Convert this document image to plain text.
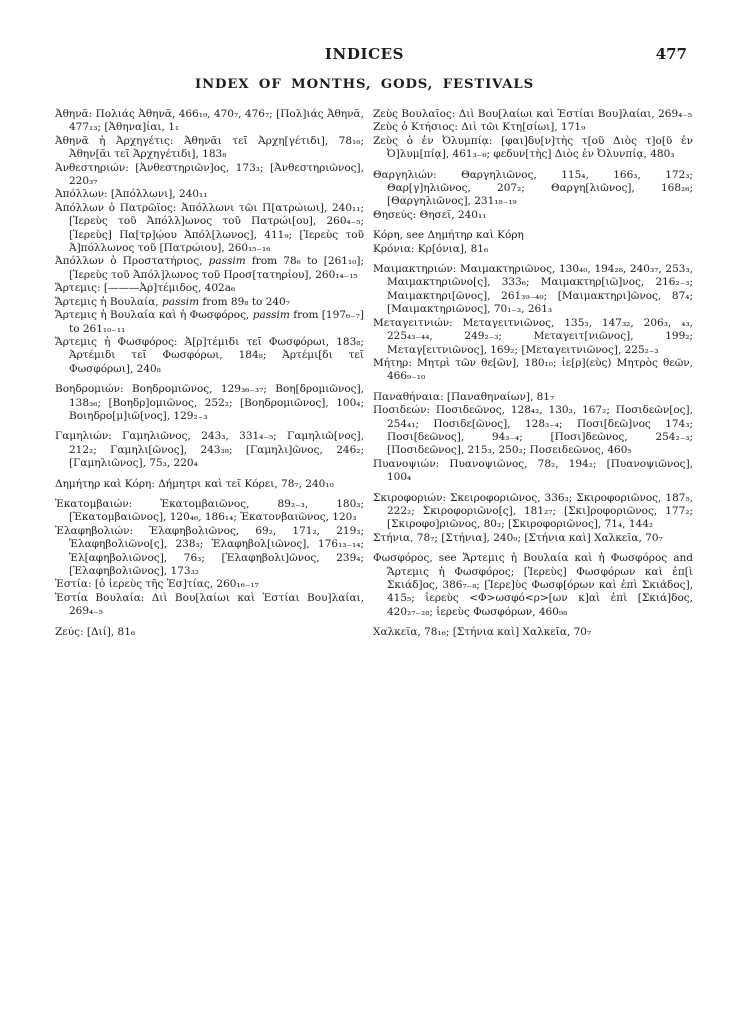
INDICES	477
INDEX OF MONTHS, GODS, FESTIVALS

Ἀθηνᾶ: Πολιάς Ἀθηνᾶ, 466₁₉, 470₇, 476₇; [Πολ]ιάς Ἀθηνᾶ, 477₁₃; [Ἀθηνα]ίαι, 1₁

Ἀθηνᾶ ἡ Ἀρχηγέτις: Ἀθηνᾶι τεῖ Ἀρχη[γέτιδι], 78₁₆; Ἀθην[ᾶι τεῖ Ἀρχηγέτιδι], 183₈

Ἀνθεστηριών: [Ἀνθεστηριῶν]ος, 173₃; [Ἀνθεστηριῶνος], 220₃₇

Ἀπόλλων: [Ἀπόλλωνι], 240₁₁

Ἀπόλλων ὁ Πατρῶϊος: Ἀπόλλωνι τῶι Π[ατρώιωι], 240₁₁; [Ἱερεὺς τοῦ Ἀπόλλ]ωνος τοῦ Πατρώι[ου], 260₄₋₅; [Ἱερεὺς] Πα[τρ]ῴου Ἀπόλ[λωνος], 411₉; [Ἱερεὺς τοῦ Ἀ]πόλλωνος τοῦ [Πατρώιου], 260₁₅₋₁₆

Ἀπόλλων ὁ Προστατήριος, passim from 78₆ to [261₁₀]; [Ἱερεὺς τοῦ Ἀπόλ]λωνος τοῦ Προσ[τατηρίου], 260₁₄₋₁₅

Ἄρτεμις: [———Ἀρ]τέμιδος, 402a₆

Ἄρτεμις ἡ Βουλαία, passim from 89₈ to 240₇

Ἄρτεμις ἡ Βουλαία καὶ ἡ Φωσφόρος, passim from [197₆₋₇] to 261₁₀₋₁₁

Ἄρτεμις ἡ Φωσφόρος: Ἀ[ρ]τέμιδι τεῖ Φωσφόρωι, 183₈; Ἀρτέμιδι τεῖ Φωσφόρωι, 184₈; Ἀρτέμι[δι τεῖ Φωσφόρωι], 240₈

Βοηδρομιών: Βοηδρομιῶνος, 129₃₆₋₃₇; Βοη[δρομιῶνος], 138₃₆; [Βοηδρ]ομιῶνος, 252₂; [Βοηδρομιῶνος], 100₄; Βοιηδρο[μ]ιῶ[νος], 129₂₋₃

Γαμηλιών: Γαμηλιῶνος, 243₃, 331₄₋₅; Γαμηλιῶ[νος], 212₂; Γαμηλι[ῶνος], 243₃₈; [Γαμηλι]ῶνος, 246₂; [Γαμηλιῶνος], 75₃, 220₄

Δημήτηρ καὶ Κόρη: Δήμητρι καὶ τεῖ Κόρει, 78₇, 240₁₀

Ἑκατομβαιών: Ἑκατομβαιῶνος, 89₂₋₃, 180₃; [Ἑκατομβαιῶνος], 120₄₆, 186₁₄; Ἑκατονβαιῶνος, 120₃

Ἐλαφηβολιών: Ἐλαφηβολιῶνος, 69₂, 171₂, 219₃; Ἐλαφηβολιῶνο[ς], 238₃; Ἐλαφηβολ[ιῶνος], 176₁₃₋₁₄; Ἐλ[αφηβολιῶνος], 76₃; [Ἐλαφηβολι]ῶνος, 239₄; [Ἐλαφηβολιῶνος], 173₃₂

Ἑστία: [ὁ ἱερεὺς τῆς Ἑσ]τίας, 260₁₆₋₁₇

Ἑστία Βουλαία: Διὶ Βου[λαίωι καὶ Ἑστίαι Βου]λαίαι, 269₄₋₅

Ζεύς: [Διί], 81₆

Ζεὺς Βουλαῖος: Διὶ Βου[λαίωι καὶ Ἑστίαι Βου]λαίαι, 269₄₋₅

Ζεὺς ὁ Κτήσιος: Διὶ τῶι Κτη[σίωι], 171₉

Ζεὺς ὁ ἐν Ὀλυμπίᾳ: [φαι]δυ[ν]τὴς τ[οῦ Διὸς τ]ο[ῦ ἐν Ὀ]λυμ[πίᾳ], 461₃₋₆; φεδυν[τὴς] Διὸς ἐν Ὀλυνπίᾳ, 480₃

Θαργηλιών: Θαργηλιῶνος, 115₄, 166₃, 172₃; Θαρ[γ]ηλιῶνος, 207₂; Θαργη[λιῶνος], 168₂₆; [Θαργηλιῶνος], 231₁₈₋₁₉

Θησεύς: Θησεῖ, 240₁₁

Κόρη, see Δημήτηρ καὶ Κόρη

Κρόνια: Κρ[όνια], 81₆

Μαιμακτηριών: Μαιμακτηριῶνος, 130₄₀, 194₂₈, 240₃₇, 253₃, Μαιμακτηριῶνο[ς], 333₆; Μαιμακτηρ[ιῶ]νος, 216₂₋₃; Μαιμακτηρι[ῶνος], 261₃₉₋₄₀; [Μαιμακτηρι]ῶνος, 87₄; [Μαιμακτηριῶνος], 70₁₋₂, 261₃

Μεταγειτνιών: Μεταγειτνιῶνος, 135₃, 147₃₂, 206₃, ₄₃, 225₄₃₋₄₄, 249₂₋₃; Μεταγειτ[νιῶνος], 199₂; Μεταγ[ειτνιῶνος], 169₂; [Μεταγειτνιῶνος], 225₂₋₃

Μήτηρ: Μητρὶ τῶν θε[ῶν], 180₁₀; ἱε[ρ](εὺς) Μητρὸς θεῶν, 466₉₋₁₀

Παναθήναια: [Παναθηναίων], 81₇

Ποσιδεών: Ποσιδεῶνος, 128₄₂, 130₃, 167₂; Ποσιδεῶν[ος], 254₄₁; Ποσιδε[ῶνος], 128₃₋₄; Ποσι[δεῶ]νος 174₃; Ποσι[δεῶνος], 94₃₋₄; [Ποσι]δεῶνος, 254₂₋₃; [Ποσιδεῶνος], 215₃, 250₂; Ποσειδεῶνος, 460₅

Πυανοψιών: Πυανοψιῶνος, 78₂, 194₂; [Πυανοψιῶνος], 100₄

Σκιροφοριών: Σκειροφοριῶνος, 336₃; Σκιροφοριῶνος, 187₅, 222₂; Σκιροφοριῶνο[ς], 181₂₇; [Σκι]ροφοριῶνος, 177₂; [Σκιροφο]ριῶνος, 80₃; [Σκιροφοριῶνος], 71₄, 144₂

Στήνια, 78₇; [Στήνια], 240₉; [Στήνια καὶ] Χαλκεῖα, 70₇

Φωσφόρος, see Ἄρτεμις ἡ Βουλαία καὶ ἡ Φωσφόρος and Ἄρτεμις ἡ Φωσφόρος; [Ἱερεὺς] Φωσφόρων καὶ ἐπ[ὶ Σκιάδ]ος, 386₇₋₈; [Ἱερε]ὺς Φωσφ[όρων καὶ ἐπὶ Σκιάδος], 415₅; ἱερεὺς <Φ>ωσφό<ρ>[ων κ]αὶ ἐπὶ [Σκιά]δος, 420₂₇₋₂₈; ἱερεὺς Φωσφόρων, 460₉₈

Χαλκεῖα, 78₁₆; [Στήνια καὶ] Χαλκεῖα, 70₇
